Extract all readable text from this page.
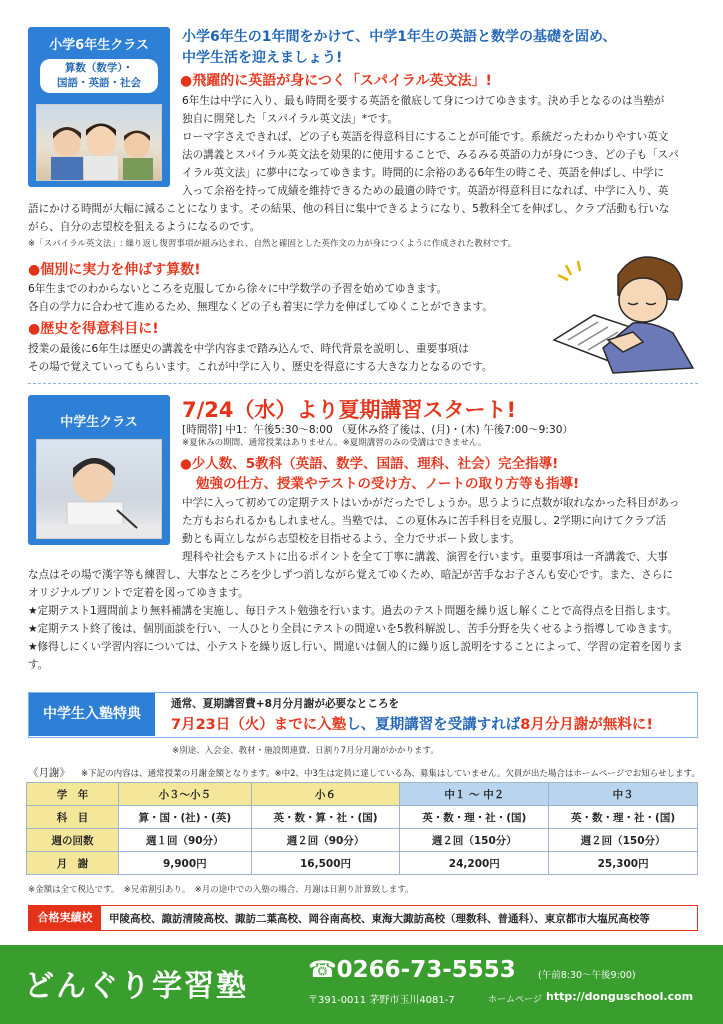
小学6年生クラス
算数（数学）・
国語・英語・社会
小学6年生の1年間をかけて、中学1年生の英語と数学の基礎を固め、
中学生活を迎えましょう!
●飛躍的に英語が身につく「スパイラル英文法」!
6年生は中学に入り、最も時間を要する英語を徹底して身につけてゆきます。決め手となるのは当塾が
独自に開発した「スパイラル英文法」*です。
ローマ字さえできれば、どの子も英語を得意科目にすることが可能です。系統だったわかりやすい英文
法の講義とスパイラル英文法を効果的に使用することで、みるみる英語の力が身につき、どの子も「スパ
イラル英文法」に夢中になってゆきます。時間的に余裕のある6年生の時こそ、英語を伸ばし、中学に
入って余裕を持って成績を維持できるための最適の時です。英語が得意科目になれば、中学に入り、英
語にかける時間が大幅に減ることになります。その結果、他の科目に集中できるようになり、5教科全てを伸ばし、クラブ活動も行いな
がら、自分の志望校を狙えるようになるのです。
※「スパイラル英文法」: 繰り返し復習事項が組み込まれ、自然と確固とした英作文の力が身につくように作成された教材です。
●個別に実力を伸ばす算数!
6年生までのわからないところを克服してから徐々に中学数学の予習を始めてゆきます。
各自の学力に合わせて進めるため、無理なくどの子も着実に学力を伸ばしてゆくことができます。
●歴史を得意科目に!
授業の最後に6年生は歴史の講義を中学内容まで踏み込んで、時代背景を説明し、重要事項は
その場で覚えていってもらいます。これが中学に入り、歴史を得意にする大きな力となるのです。
中学生クラス
7/24（水）より夏期講習スタート!
[時間帯] 中1：午後5:30〜8:00 （夏休み終了後は、(月)・(木) 午後7:00〜9:30）
※夏休みの期間、通常授業はありません。※夏期講習のみの受講はできません。
●少人数、5教科（英語、数学、国語、理科、社会）完全指導!
勉強の仕方、授業やテストの受け方、ノートの取り方等も指導!
中学に入って初めての定期テストはいかがだったでしょうか。思うように点数が取れなかった科目があっ
た方もおられるかもしれません。当塾では、この夏休みに苦手科目を克服し、2学期に向けてクラブ活
動とも両立しながら志望校を目指せるよう、全力でサポート致します。
理科や社会もテストに出るポイントを全て丁寧に講義、演習を行います。重要事項は一斉講義で、大事
な点はその場で漢字等も練習し、大事なところを少しずつ消しながら覚えてゆくため、暗記が苦手なお子さんも安心です。また、さらに
オリジナルプリントで定着を図ってゆきます。
★定期テスト1週間前より無料補講を実施し、毎日テスト勉強を行います。過去のテスト問題を繰り返し解くことで高得点を目指します。
★定期テスト終了後は、個別面談を行い、一人ひとり全員にテストの間違いを5教科解説し、苦手分野を失くせるよう指導してゆきます。
★修得しにくい学習内容については、小テストを繰り返し行い、間違いは個人的に繰り返し説明をすることによって、学習の定着を図りま
す。
中学生入塾特典
通常、夏期講習費+8月分月謝が必要なところを
7月23日（火）までに入塾し、夏期講習を受講すれば8月分月謝が無料に!
※別途、入会金、教材・施設関連費、日割り7月分月謝がかかります。
《月謝》 ※下記の内容は、通常授業の月謝金額となります。※中2、中3生は定員に達している為、募集はしていません。欠員が出た場合はホームページでお知らせします。
学　年	小３〜小５	小６	中１ 〜 中２	中３
科　目	算・国・(社)・(英)	英・数・算・社・(国)	英・数・理・社・(国)	英・数・理・社・(国)
週の回数	週１回（90分）	週２回（90分）	週２回（150分）	週２回（150分）
月　謝	9,900円	16,500円	24,200円	25,300円
※金額は全て税込です。　※兄弟割引あり。　※月の途中での入塾の場合、月謝は日割り計算致します。
合格実績校	甲陵高校、諏訪清陵高校、諏訪二葉高校、岡谷南高校、東海大諏訪高校（理数科、普通科）、東京都市大塩尻高校等
どんぐり学習塾	☎0266-73-5553 (午前8:30〜午後9:00)
〒391-0011 茅野市玉川4081-7	ホームページ http://donguschool.com
